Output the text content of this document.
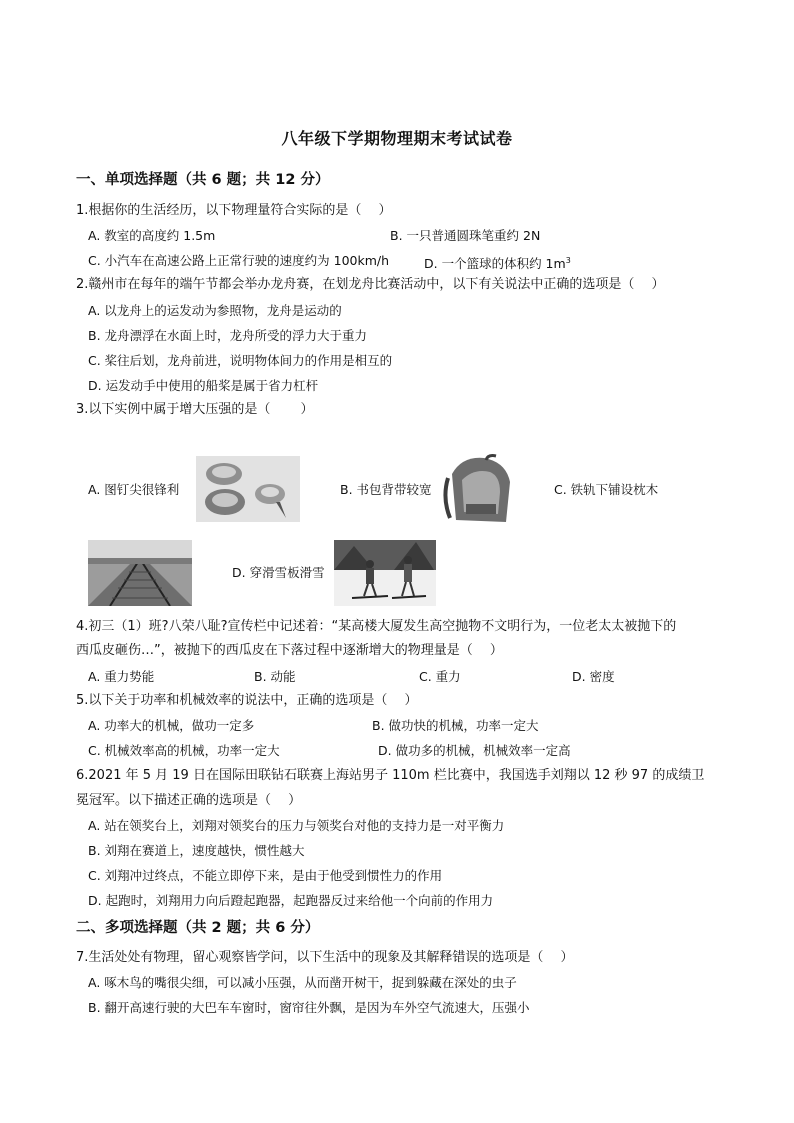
八年级下学期物理期末考试试卷
一、单项选择题（共 6 题；共 12 分）
1.根据你的生活经历，以下物理量符合实际的是（　 ）
A. 教室的高度约 1.5m	B. 一只普通圆珠笔重约 2N
C. 小汽车在高速公路上正常行驶的速度约为 100km/h	D. 一个篮球的体积约 $1m^3$
2.赣州市在每年的端午节都会举办龙舟赛，在划龙舟比赛活动中，以下有关说法中正确的选项是（　 ）
A. 以龙舟上的运发动为参照物，龙舟是运动的
B. 龙舟漂浮在水面上时，龙舟所受的浮力大于重力
C. 桨往后划，龙舟前进，说明物体间力的作用是相互的
D. 运发动手中使用的船桨是属于省力杠杆
3.以下实例中属于增大压强的是（　 　）
A. 图钉尖很锋利	B. 书包背带较宽	C. 铁轨下铺设枕木
D. 穿滑雪板滑雪
4.初三（1）班?八荣八耻?宣传栏中记述着：“某高楼大厦发生高空抛物不文明行为，一位老太太被抛下的
西瓜皮砸伤…”，被抛下的西瓜皮在下落过程中逐渐增大的物理量是（　 ）
A. 重力势能	B. 动能	C. 重力	D. 密度
5.以下关于功率和机械效率的说法中，正确的选项是（　 ）
A. 功率大的机械，做功一定多	B. 做功快的机械，功率一定大
C. 机械效率高的机械，功率一定大	D. 做功多的机械，机械效率一定高
6.2021 年 5 月 19 日在国际田联钻石联赛上海站男子 110m 栏比赛中，我国选手刘翔以 12 秒 97 的成绩卫
冕冠军。以下描述正确的选项是（　 ）
A. 站在领奖台上，刘翔对领奖台的压力与领奖台对他的支持力是一对平衡力
B. 刘翔在赛道上，速度越快，惯性越大
C. 刘翔冲过终点，不能立即停下来，是由于他受到惯性力的作用
D. 起跑时，刘翔用力向后蹬起跑器，起跑器反过来给他一个向前的作用力
二、多项选择题（共 2 题；共 6 分）
7.生活处处有物理，留心观察皆学问，以下生活中的现象及其解释错误的选项是（　 ）
A. 啄木鸟的嘴很尖细，可以减小压强，从而凿开树干，捉到躲藏在深处的虫子
B. 翻开高速行驶的大巴车车窗时，窗帘往外飘，是因为车外空气流速大，压强小
